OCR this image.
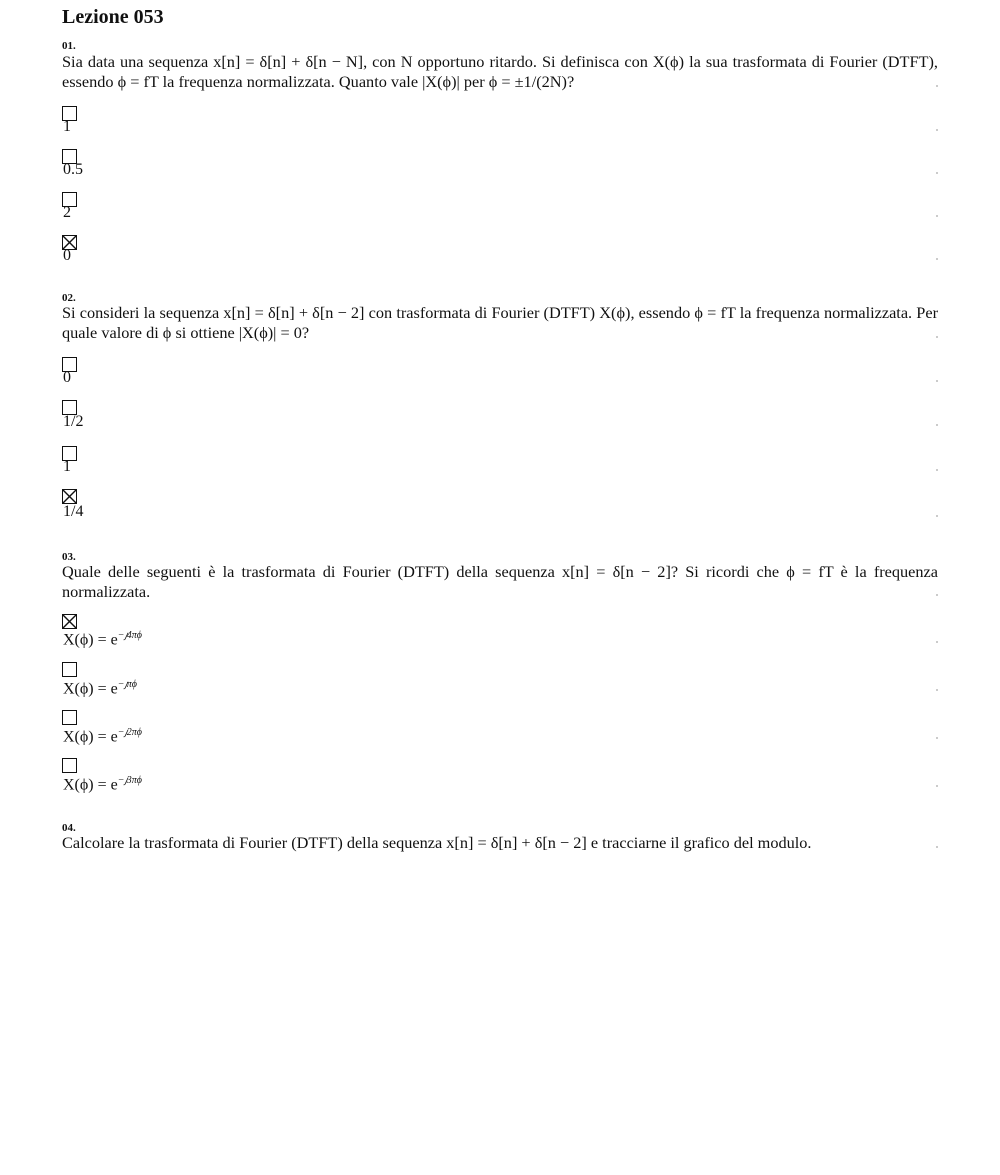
Lezione 053
01.
Sia data una sequenza x[n] = δ[n] + δ[n − N], con N opportuno ritardo. Si definisca con X(ϕ) la sua trasformata di Fourier (DTFT), essendo ϕ = fT la frequenza normalizzata. Quanto vale |X(ϕ)| per ϕ = ±1/(2N)?
1
0.5
2
0
02.
Si consideri la sequenza x[n] = δ[n] + δ[n − 2] con trasformata di Fourier (DTFT) X(ϕ), essendo ϕ = fT la frequenza normalizzata. Per quale valore di ϕ si ottiene |X(ϕ)| = 0?
0
1/2
1
1/4
03.
Quale delle seguenti è la trasformata di Fourier (DTFT) della sequenza x[n] = δ[n − 2]? Si ricordi che ϕ = fT è la frequenza normalizzata.
$X(\phi) = e^{-𝚥4\pi\phi}$
$X(\phi) = e^{-𝚥\pi\phi}$
$X(\phi) = e^{-𝚥2\pi\phi}$
$X(\phi) = e^{-𝚥3\pi\phi}$
04.
Calcolare la trasformata di Fourier (DTFT) della sequenza x[n] = δ[n] + δ[n − 2] e tracciarne il grafico del modulo.
